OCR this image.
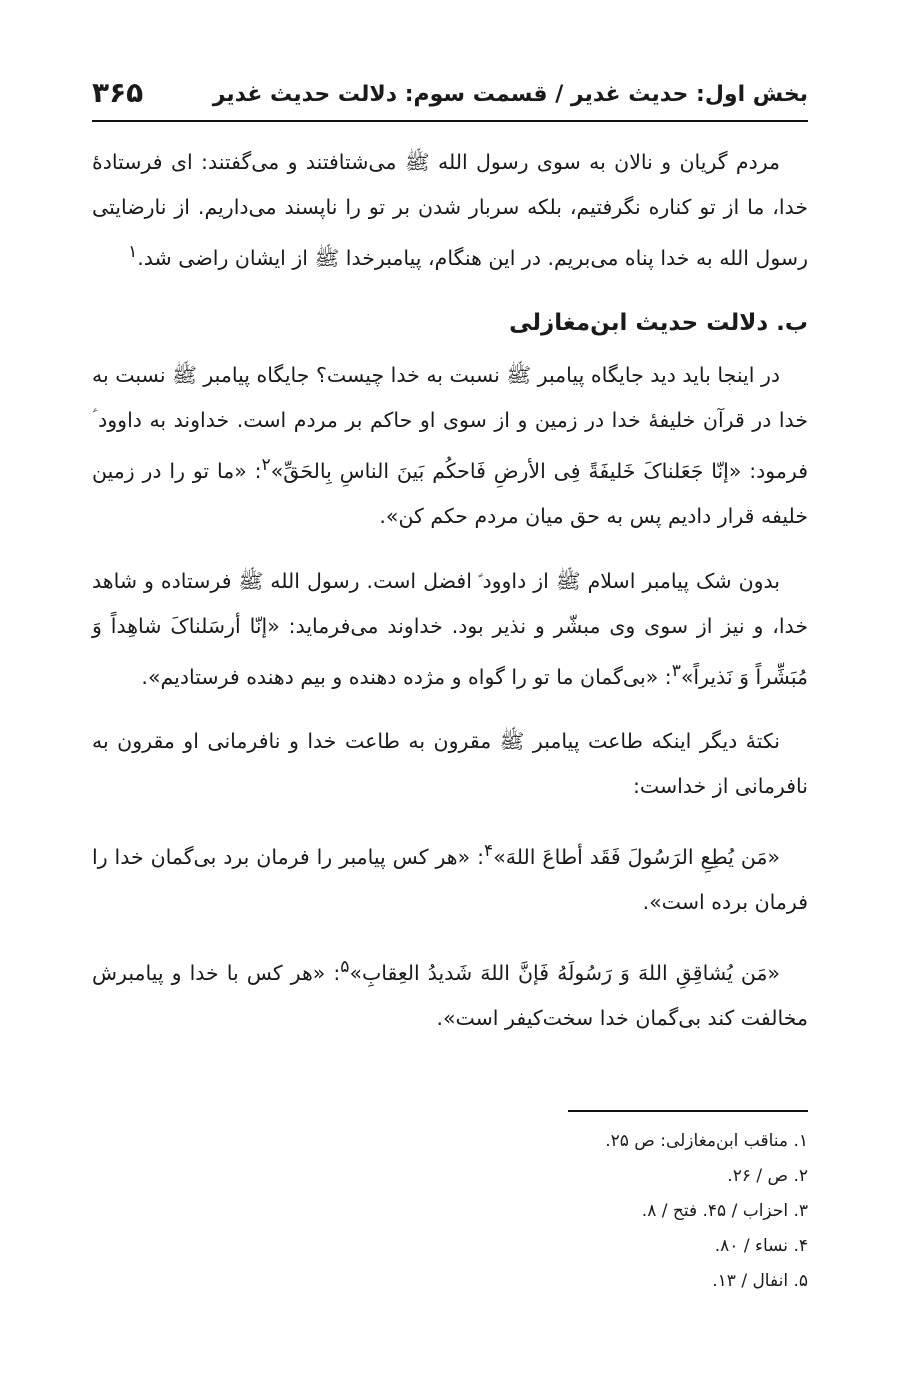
بخش اول: حدیث غدیر / قسمت سوم: دلالت حدیث غدیر
۳۶۵

مردم گریان و نالان به سوی رسول الله ﷺ می‌شتافتند و می‌گفتند: ای فرستادهٔ خدا، ما از تو کناره نگرفتیم، بلکه سربار شدن بر تو را ناپسند می‌داریم. از نارضایتی رسول الله به خدا پناه می‌بریم. در این هنگام، پیامبرخدا ﷺ از ایشان راضی شد.$^۱$

ب. دلالت حدیث ابن‌مغازلی

در اینجا باید دید جایگاه پیامبر ﷺ نسبت به خدا چیست؟ جایگاه پیامبر ﷺ نسبت به خدا در قرآن خلیفهٔ خدا در زمین و از سوی او حاکم بر مردم است. خداوند به داوود ؑ فرمود: «إنّا جَعَلناکَ خَلیفَةً فِی الأرضِ فَاحکُم بَینَ الناسِ بِالحَقِّ»$^۲$: «ما تو را در زمین خلیفه قرار دادیم پس به حق میان مردم حکم کن».

بدون شک پیامبر اسلام ﷺ از داوود ؑ افضل است. رسول الله ﷺ فرستاده و شاهد خدا، و نیز از سوی وی مبشّر و نذیر بود. خداوند می‌فرماید: «إنّا أرسَلناکَ شاهِداً وَ مُبَشِّراً وَ نَذیراً»$^۳$: «بی‌گمان ما تو را گواه و مژده دهنده و بیم دهنده فرستادیم».

نکتهٔ دیگر اینکه طاعت پیامبر ﷺ مقرون به طاعت خدا و نافرمانی او مقرون به نافرمانی از خداست:

«مَن یُطِعِ الرَسُولَ فَقَد أطاعَ اللهَ»$^۴$: «هر کس پیامبر را فرمان برد بی‌گمان خدا را فرمان برده است».

«مَن یُشاقِقِ اللهَ وَ رَسُولَهُ فَإنَّ اللهَ شَدیدُ العِقابِ»$^۵$: «هر کس با خدا و پیامبرش مخالفت کند بی‌گمان خدا سخت‌کیفر است».

۱. مناقب ابن‌مغازلی: ص ۲۵.
۲. ص / ۲۶.
۳. احزاب / ۴۵. فتح / ۸.
۴. نساء / ۸۰.
۵. انفال / ۱۳.
